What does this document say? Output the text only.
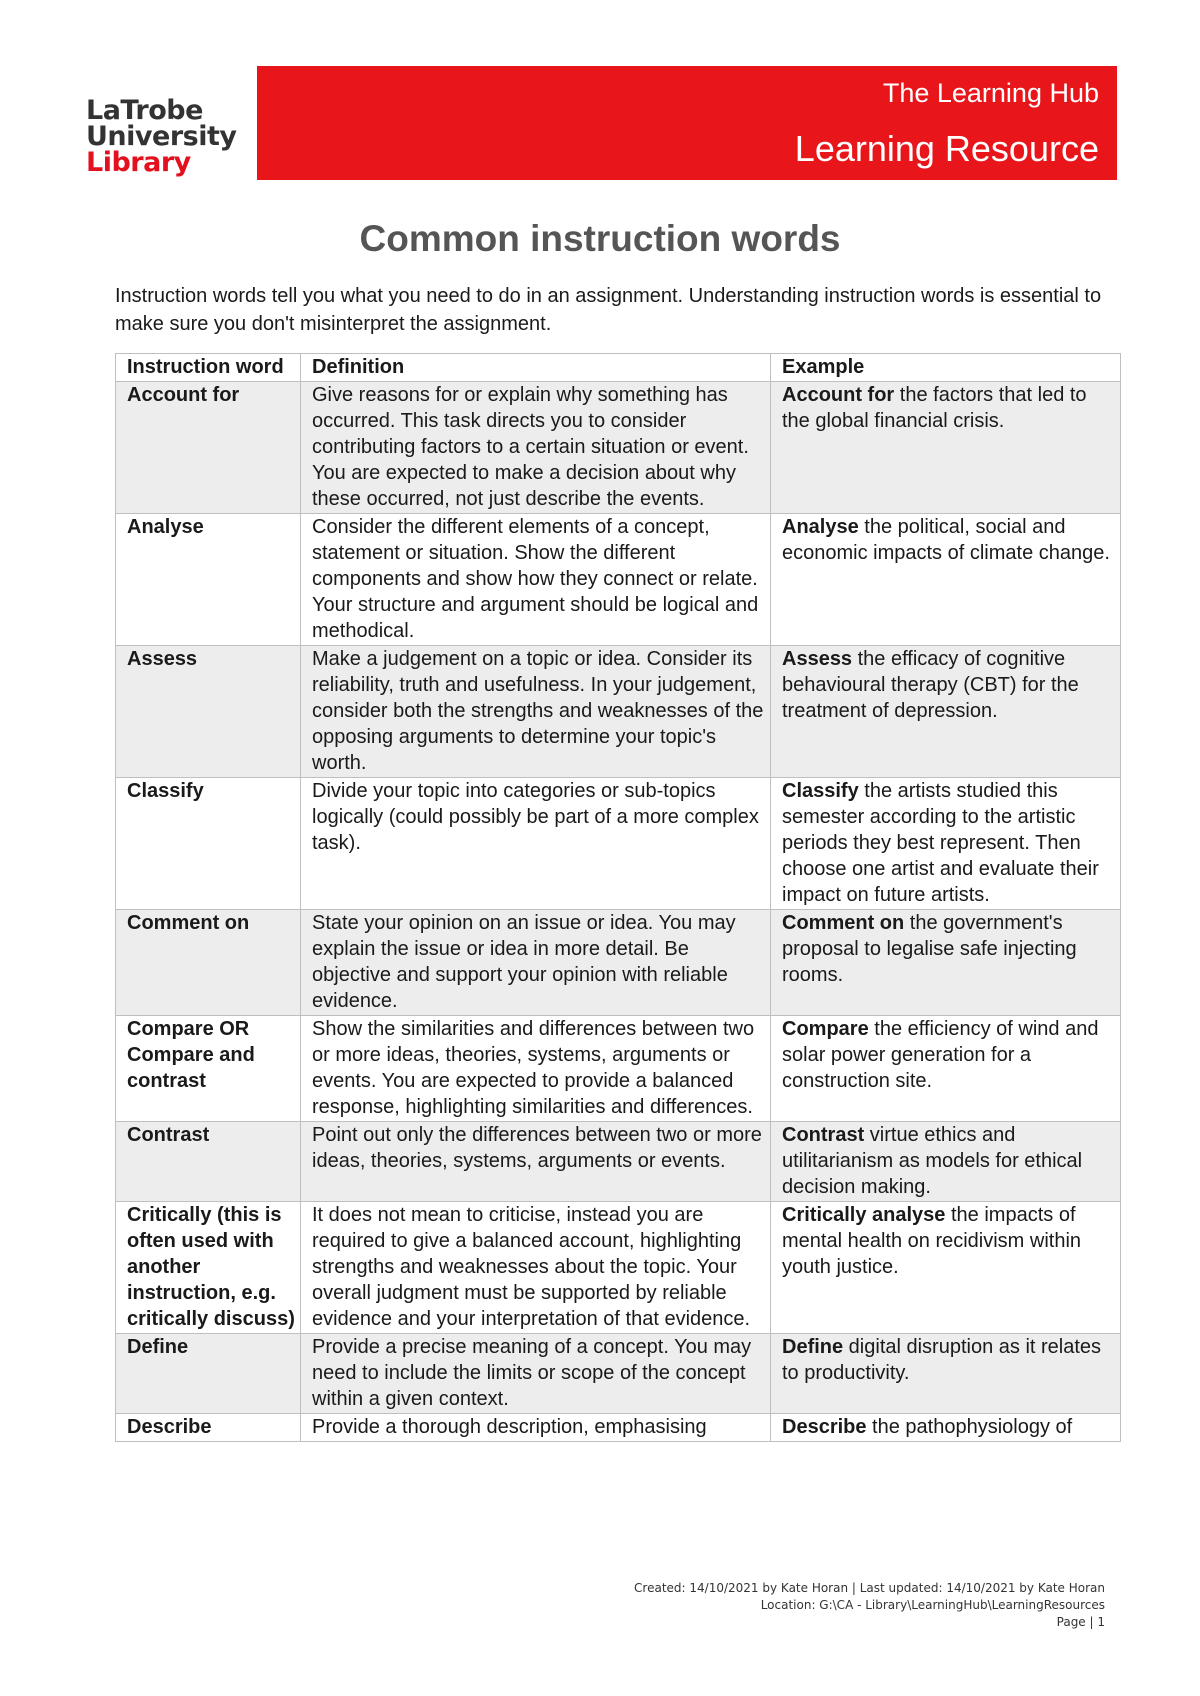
LaTrobe
University
Library
The Learning Hub
Learning Resource
Common instruction words
Instruction words tell you what you need to do in an assignment. Understanding instruction words is essential to make sure you don't misinterpret the assignment.
Instruction word	Definition	Example
Account for	Give reasons for or explain why something has occurred. This task directs you to consider contributing factors to a certain situation or event. You are expected to make a decision about why these occurred, not just describe the events.	Account for the factors that led to the global financial crisis.
Analyse	Consider the different elements of a concept, statement or situation. Show the different components and show how they connect or relate. Your structure and argument should be logical and methodical.	Analyse the political, social and economic impacts of climate change.
Assess	Make a judgement on a topic or idea. Consider its reliability, truth and usefulness. In your judgement, consider both the strengths and weaknesses of the opposing arguments to determine your topic's worth.	Assess the efficacy of cognitive behavioural therapy (CBT) for the treatment of depression.
Classify	Divide your topic into categories or sub-topics logically (could possibly be part of a more complex task).	Classify the artists studied this semester according to the artistic periods they best represent. Then choose one artist and evaluate their impact on future artists.
Comment on	State your opinion on an issue or idea. You may explain the issue or idea in more detail. Be objective and support your opinion with reliable evidence.	Comment on the government's proposal to legalise safe injecting rooms.
Compare OR Compare and contrast	Show the similarities and differences between two or more ideas, theories, systems, arguments or events. You are expected to provide a balanced response, highlighting similarities and differences.	Compare the efficiency of wind and solar power generation for a construction site.
Contrast	Point out only the differences between two or more ideas, theories, systems, arguments or events.	Contrast virtue ethics and utilitarianism as models for ethical decision making.
Critically (this is often used with another instruction, e.g. critically discuss)	It does not mean to criticise, instead you are required to give a balanced account, highlighting strengths and weaknesses about the topic. Your overall judgment must be supported by reliable evidence and your interpretation of that evidence.	Critically analyse the impacts of mental health on recidivism within youth justice.
Define	Provide a precise meaning of a concept. You may need to include the limits or scope of the concept within a given context.	Define digital disruption as it relates to productivity.
Describe	Provide a thorough description, emphasising	Describe the pathophysiology of
Created: 14/10/2021 by Kate Horan | Last updated: 14/10/2021 by Kate Horan
Location: G:\CA - Library\LearningHub\LearningResources
Page | 1
